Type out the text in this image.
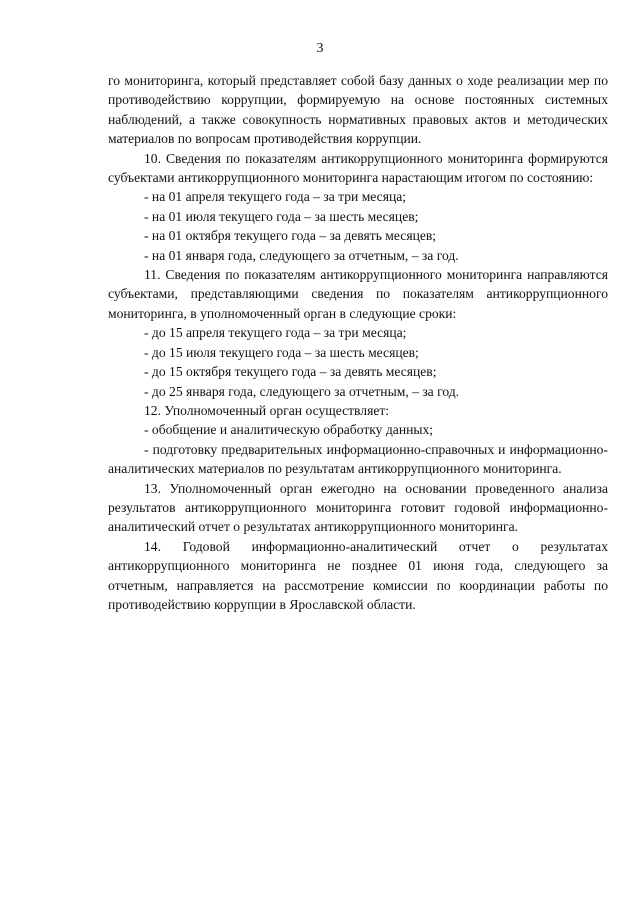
3

го мониторинга, который представляет собой базу данных о ходе реализации мер по противодействию коррупции, формируемую на основе постоянных системных наблюдений, а также совокупность нормативных правовых актов и методических материалов по вопросам противодействия коррупции.

10. Сведения по показателям антикоррупционного мониторинга формируются субъектами антикоррупционного мониторинга нарастающим итогом по состоянию:

- на 01 апреля текущего года – за три месяца;

- на 01 июля текущего года – за шесть месяцев;

- на 01 октября текущего года – за девять месяцев;

- на 01 января года, следующего за отчетным, – за год.

11. Сведения по показателям антикоррупционного мониторинга направляются субъектами, представляющими сведения по показателям антикоррупционного мониторинга, в уполномоченный орган в следующие сроки:

- до 15 апреля текущего года – за три месяца;

- до 15 июля текущего года – за шесть месяцев;

- до 15 октября текущего года – за девять месяцев;

- до 25 января года, следующего за отчетным, – за год.

12. Уполномоченный орган осуществляет:

- обобщение и аналитическую обработку данных;

- подготовку предварительных информационно-справочных и информационно-аналитических материалов по результатам антикоррупционного мониторинга.

13. Уполномоченный орган ежегодно на основании проведенного анализа результатов антикоррупционного мониторинга готовит годовой информационно-аналитический отчет о результатах антикоррупционного мониторинга.

14. Годовой информационно-аналитический отчет о результатах антикоррупционного мониторинга не позднее 01 июня года, следующего за отчетным, направляется на рассмотрение комиссии по координации работы по противодействию коррупции в Ярославской области.
